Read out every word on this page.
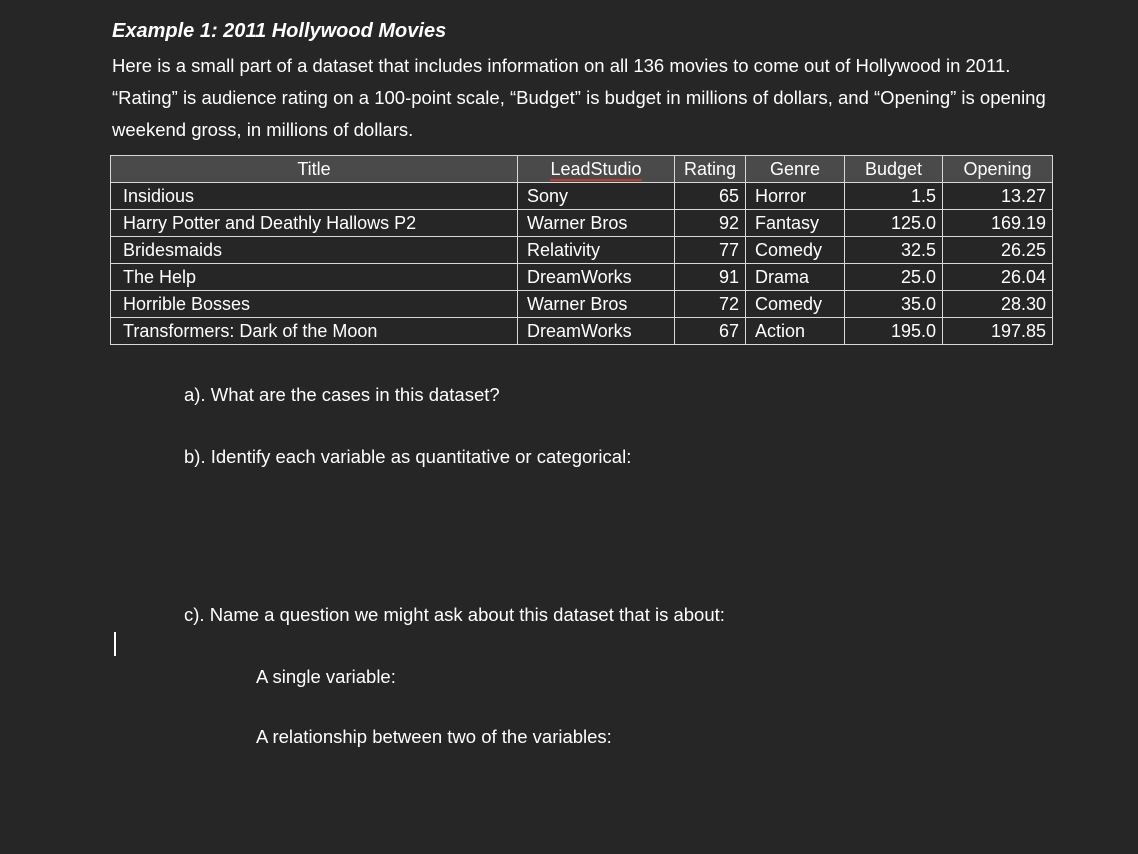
Example 1: 2011 Hollywood Movies
Here is a small part of a dataset that includes information on all 136 movies to come out of Hollywood in 2011. “Rating” is audience rating on a 100-point scale, “Budget” is budget in millions of dollars, and “Opening” is opening weekend gross, in millions of dollars.
Title	LeadStudio	Rating	Genre	Budget	Opening
Insidious	Sony	65	Horror	1.5	13.27
Harry Potter and Deathly Hallows P2	Warner Bros	92	Fantasy	125.0	169.19
Bridesmaids	Relativity	77	Comedy	32.5	26.25
The Help	DreamWorks	91	Drama	25.0	26.04
Horrible Bosses	Warner Bros	72	Comedy	35.0	28.30
Transformers: Dark of the Moon	DreamWorks	67	Action	195.0	197.85
a). What are the cases in this dataset?
b). Identify each variable as quantitative or categorical:
c). Name a question we might ask about this dataset that is about:
A single variable:
A relationship between two of the variables:
